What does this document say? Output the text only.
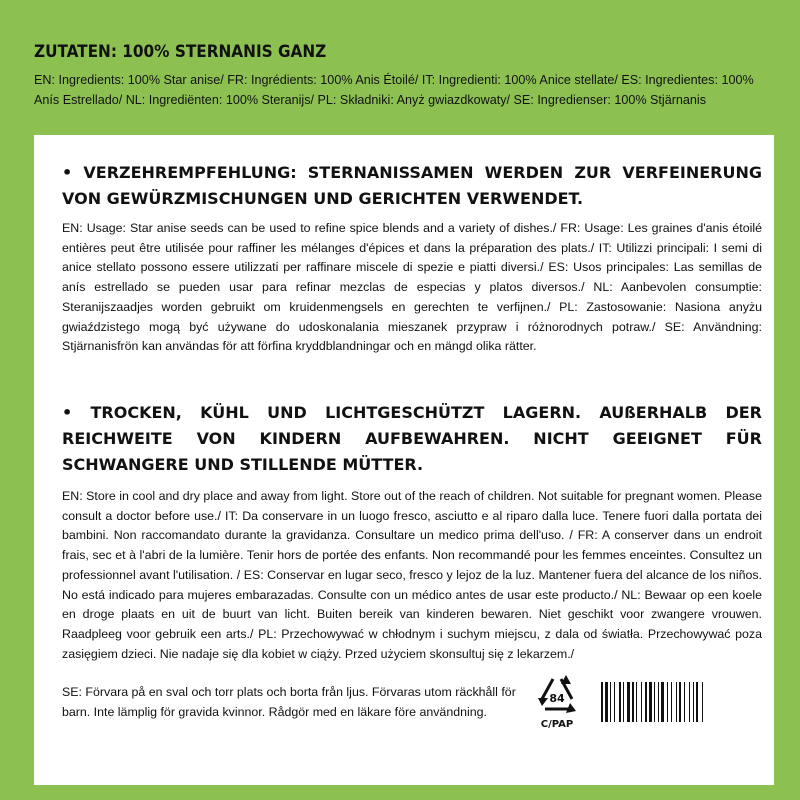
ZUTATEN: 100% STERNANIS GANZ
EN: Ingredients: 100% Star anise/ FR: Ingrédients: 100% Anis Étoilé/ IT: Ingredienti: 100% Anice stellate/ ES: Ingredientes: 100% Anís Estrellado/ NL: Ingrediënten: 100% Steranijs/ PL: Składniki: Anyż gwiazdkowaty/ SE: Ingredienser: 100% Stjärnanis
• VERZEHREMPFEHLUNG: STERNANISSAMEN WERDEN ZUR VERFEINERUNG VON GEWÜRZMISCHUNGEN UND GERICHTEN VERWENDET.
EN: Usage: Star anise seeds can be used to refine spice blends and a variety of dishes./ FR: Usage: Les graines d'anis étoilé entières peut être utilisée pour raffiner les mélanges d'épices et dans la préparation des plats./ IT: Utilizzi principali: I semi di anice stellato possono essere utilizzati per raffinare miscele di spezie e piatti diversi./ ES: Usos principales: Las semillas de anís estrellado se pueden usar para refinar mezclas de especias y platos diversos./ NL: Aanbevolen consumptie: Steranijszaadjes worden gebruikt om kruidenmengsels en gerechten te verfijnen./ PL: Zastosowanie: Nasiona anyżu gwiaździstego mogą być używane do udoskonalania mieszanek przypraw i różnorodnych potraw./ SE: Användning: Stjärnanisfrön kan användas för att förfina kryddblandningar och en mängd olika rätter.
• TROCKEN, KÜHL UND LICHTGESCHÜTZT LAGERN. AUßERHALB DER REICHWEITE VON KINDERN AUFBEWAHREN. NICHT GEEIGNET FÜR SCHWANGERE UND STILLENDE MÜTTER.
EN: Store in cool and dry place and away from light. Store out of the reach of children. Not suitable for pregnant women. Please consult a doctor before use./ IT: Da conservare in un luogo fresco, asciutto e al riparo dalla luce. Tenere fuori dalla portata dei bambini. Non raccomandato durante la gravidanza. Consultare un medico prima dell'uso. / FR: A conserver dans un endroit frais, sec et à l'abri de la lumière. Tenir hors de portée des enfants. Non recommandé pour les femmes enceintes. Consultez un professionnel avant l'utilisation. / ES: Conservar en lugar seco, fresco y lejoz de la luz. Mantener fuera del alcance de los niños. No está indicado para mujeres embarazadas. Consulte con un médico antes de usar este producto./ NL: Bewaar op een koele en droge plaats en uit de buurt van licht. Buiten bereik van kinderen bewaren. Niet geschikt voor zwangere vrouwen. Raadpleeg voor gebruik een arts./ PL: Przechowywać w chłodnym i suchym miejscu, z dala od światła. Przechowywać poza zasięgiem dzieci. Nie nadaje się dla kobiet w ciąży. Przed użyciem skonsultuj się z lekarzem./
SE: Förvara på en sval och torr plats och borta från ljus. Förvaras utom räckhåll för barn. Inte lämplig för gravida kvinnor. Rådgör med en läkare före användning.
84
C/PAP
